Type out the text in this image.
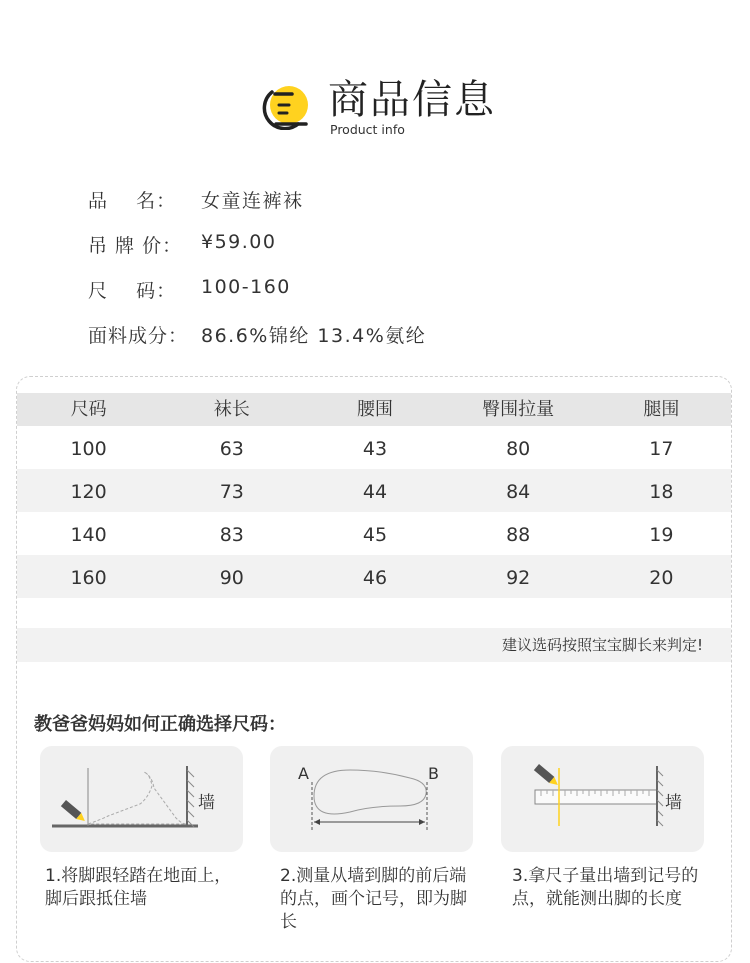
商品信息
Product info
品    名：	女童连裤袜
吊 牌 价： ¥59.00
尺    码：	100-160
面料成分： 86.6%锦纶 13.4%氨纶
尺码	袜长	腰围	臀围拉量	腿围
100	63	43	80	17
120	73	44	84	18
140	83	45	88	19
160	90	46	92	20
建议选码按照宝宝脚长来判定!
教爸爸妈妈如何正确选择尺码：
墙
A	B
墙
1.将脚跟轻踏在地面上，脚后跟抵住墙
2.测量从墙到脚的前后端的点，画个记号，即为脚长
3.拿尺子量出墙到记号的点，就能测出脚的长度
